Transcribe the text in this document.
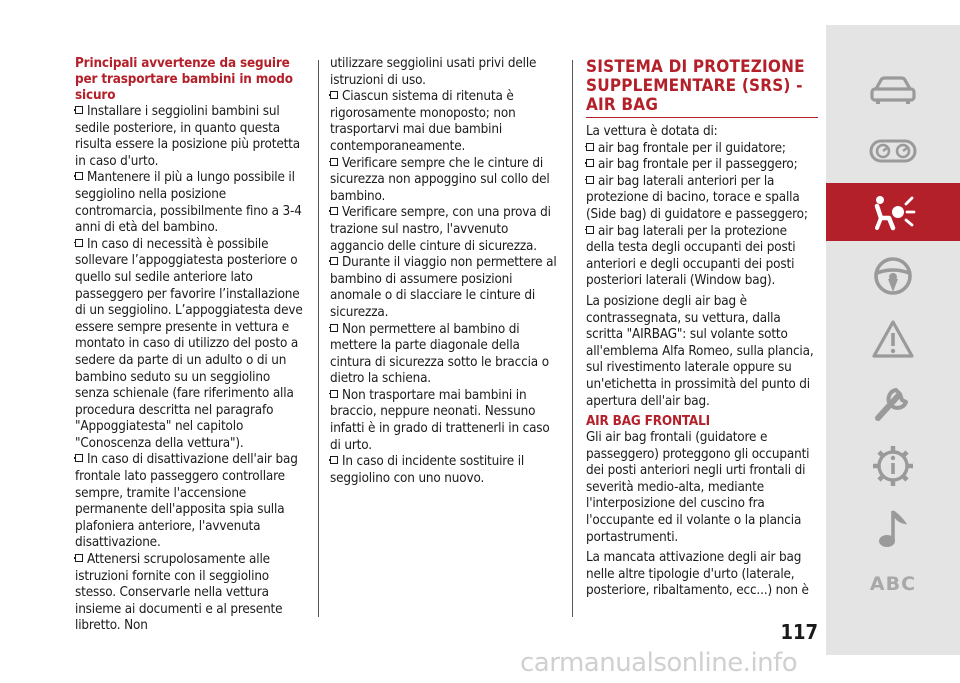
Principali avvertenze da seguire per trasportare bambini in modo sicuro

Installare i seggiolini bambini sul sedile posteriore, in quanto questa risulta essere la posizione più protetta in caso d'urto.

Mantenere il più a lungo possibile il seggiolino nella posizione contromarcia, possibilmente fino a 3-4 anni di età del bambino.

In caso di necessità è possibile sollevare l’appoggiatesta posteriore o quello sul sedile anteriore lato passeggero per favorire l’installazione di un seggiolino. L’appoggiatesta deve essere sempre presente in vettura e montato in caso di utilizzo del posto a sedere da parte di un adulto o di un bambino seduto su un seggiolino senza schienale (fare riferimento alla procedura descritta nel paragrafo "Appoggiatesta" nel capitolo "Conoscenza della vettura").

In caso di disattivazione dell'air bag frontale lato passeggero controllare sempre, tramite l'accensione permanente dell'apposita spia sulla plafoniera anteriore, l'avvenuta disattivazione.

Attenersi scrupolosamente alle istruzioni fornite con il seggiolino stesso. Conservarle nella vettura insieme ai documenti e al presente libretto. Non

utilizzare seggiolini usati privi delle istruzioni di uso.

Ciascun sistema di ritenuta è rigorosamente monoposto; non trasportarvi mai due bambini contemporaneamente.

Verificare sempre che le cinture di sicurezza non appoggino sul collo del bambino.

Verificare sempre, con una prova di trazione sul nastro, l'avvenuto aggancio delle cinture di sicurezza.

Durante il viaggio non permettere al bambino di assumere posizioni anomale o di slacciare le cinture di sicurezza.

Non permettere al bambino di mettere la parte diagonale della cintura di sicurezza sotto le braccia o dietro la schiena.

Non trasportare mai bambini in braccio, neppure neonati. Nessuno infatti è in grado di trattenerli in caso di urto.

In caso di incidente sostituire il seggiolino con uno nuovo.

SISTEMA DI PROTEZIONE SUPPLEMENTARE (SRS) - AIR BAG

La vettura è dotata di:

air bag frontale per il guidatore;

air bag frontale per il passeggero;

air bag laterali anteriori per la protezione di bacino, torace e spalla (Side bag) di guidatore e passeggero;

air bag laterali per la protezione della testa degli occupanti dei posti anteriori e degli occupanti dei posti posteriori laterali (Window bag).

La posizione degli air bag è contrassegnata, su vettura, dalla scritta "AIRBAG": sul volante sotto all'emblema Alfa Romeo, sulla plancia, sul rivestimento laterale oppure su un'etichetta in prossimità del punto di apertura dell'air bag.

AIR BAG FRONTALI

Gli air bag frontali (guidatore e passeggero) proteggono gli occupanti dei posti anteriori negli urti frontali di severità medio-alta, mediante l'interposizione del cuscino fra l'occupante ed il volante o la plancia portastrumenti.

La mancata attivazione degli air bag nelle altre tipologie d'urto (laterale, posteriore, ribaltamento, ecc...) non è

117
ABC
carmanualsonline.info
